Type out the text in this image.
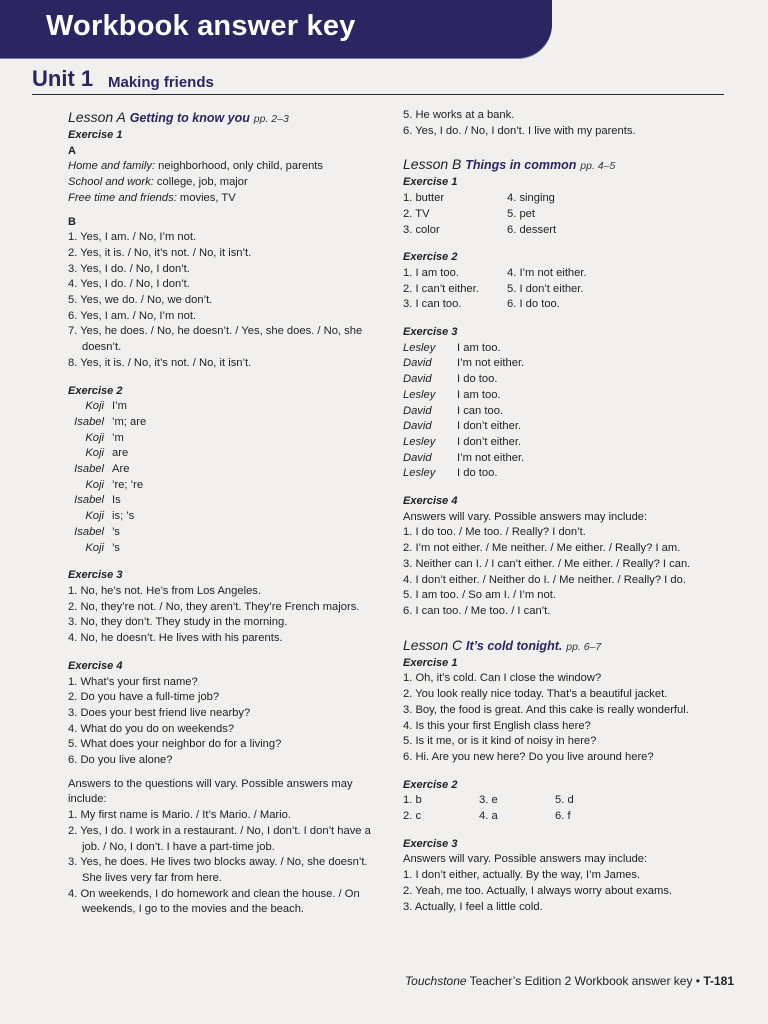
Workbook answer key
Unit 1 Making friends
Lesson A Getting to know you pp. 2–3
Exercise 1
A
Home and family: neighborhood, only child, parents
School and work: college, job, major
Free time and friends: movies, TV
B
1. Yes, I am. / No, I’m not.
2. Yes, it is. / No, it’s not. / No, it isn’t.
3. Yes, I do. / No, I don’t.
4. Yes, I do. / No, I don’t.
5. Yes, we do. / No, we don’t.
6. Yes, I am. / No, I’m not.
7. Yes, he does. / No, he doesn’t. / Yes, she does. / No, she doesn’t.
8. Yes, it is. / No, it’s not. / No, it isn’t.
Exercise 2
Koji I’m
Isabel ’m; are
Koji ’m
Koji are
Isabel Are
Koji ’re; ’re
Isabel Is
Koji is; ’s
Isabel ’s
Koji ’s
Exercise 3
1. No, he’s not. He’s from Los Angeles.
2. No, they’re not. / No, they aren’t. They’re French majors.
3. No, they don’t. They study in the morning.
4. No, he doesn’t. He lives with his parents.
Exercise 4
1. What’s your first name?
2. Do you have a full-time job?
3. Does your best friend live nearby?
4. What do you do on weekends?
5. What does your neighbor do for a living?
6. Do you live alone?
Answers to the questions will vary. Possible answers may include:
1. My first name is Mario. / It’s Mario. / Mario.
2. Yes, I do. I work in a restaurant. / No, I don’t. I don’t have a job. / No, I don’t. I have a part-time job.
3. Yes, he does. He lives two blocks away. / No, she doesn’t. She lives very far from here.
4. On weekends, I do homework and clean the house. / On weekends, I go to the movies and the beach.
5. He works at a bank.
6. Yes, I do. / No, I don’t. I live with my parents.
Lesson B Things in common pp. 4–5
Exercise 1
1. butter	4. singing
2. TV	5. pet
3. color	6. dessert
Exercise 2
1. I am too.	4. I’m not either.
2. I can’t either.	5. I don’t either.
3. I can too.	6. I do too.
Exercise 3
Lesley	I am too.
David	I’m not either.
David	I do too.
Lesley	I am too.
David	I can too.
David	I don’t either.
Lesley	I don’t either.
David	I’m not either.
Lesley	I do too.
Exercise 4
Answers will vary. Possible answers may include:
1. I do too. / Me too. / Really? I don’t.
2. I’m not either. / Me neither. / Me either. / Really? I am.
3. Neither can I. / I can’t either. / Me either. / Really? I can.
4. I don’t either. / Neither do I. / Me neither. / Really? I do.
5. I am too. / So am I. / I’m not.
6. I can too. / Me too. / I can’t.
Lesson C It’s cold tonight. pp. 6–7
Exercise 1
1. Oh, it’s cold. Can I close the window?
2. You look really nice today. That’s a beautiful jacket.
3. Boy, the food is great. And this cake is really wonderful.
4. Is this your first English class here?
5. Is it me, or is it kind of noisy in here?
6. Hi. Are you new here? Do you live around here?
Exercise 2
1. b	3. e	5. d
2. c	4. a	6. f
Exercise 3
Answers will vary. Possible answers may include:
1. I don’t either, actually. By the way, I’m James.
2. Yeah, me too. Actually, I always worry about exams.
3. Actually, I feel a little cold.
Touchstone Teacher’s Edition 2 Workbook answer key • T-181
